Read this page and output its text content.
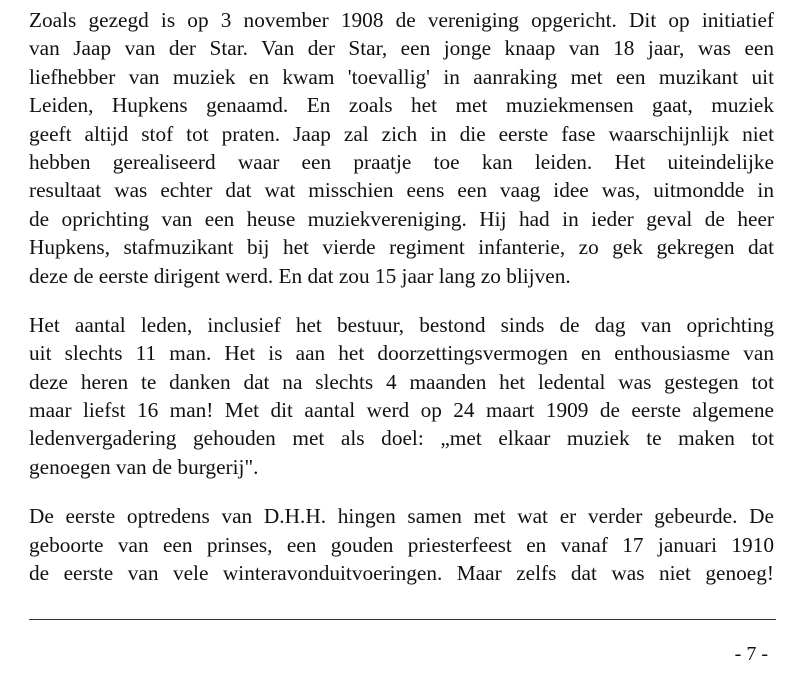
Zoals gezegd is op 3 november 1908 de vereniging opgericht. Dit op initiatief
van Jaap van der Star. Van der Star, een jonge knaap van 18 jaar, was een
liefhebber van muziek en kwam 'toevallig' in aanraking met een muzikant uit
Leiden, Hupkens genaamd. En zoals het met muziekmensen gaat, muziek
geeft altijd stof tot praten. Jaap zal zich in die eerste fase waarschijnlijk niet
hebben gerealiseerd waar een praatje toe kan leiden. Het uiteindelijke
resultaat was echter dat wat misschien eens een vaag idee was, uitmondde in
de oprichting van een heuse muziekvereniging. Hij had in ieder geval de heer
Hupkens, stafmuzikant bij het vierde regiment infanterie, zo gek gekregen dat
deze de eerste dirigent werd. En dat zou 15 jaar lang zo blijven.
Het aantal leden, inclusief het bestuur, bestond sinds de dag van oprichting
uit slechts 11 man. Het is aan het doorzettingsvermogen en enthousiasme van
deze heren te danken dat na slechts 4 maanden het ledental was gestegen tot
maar liefst 16 man! Met dit aantal werd op 24 maart 1909 de eerste algemene
ledenvergadering gehouden met als doel: „met elkaar muziek te maken tot
genoegen van de burgerij".
De eerste optredens van D.H.H. hingen samen met wat er verder gebeurde. De
geboorte van een prinses, een gouden priesterfeest en vanaf 17 januari 1910
de eerste van vele winteravonduitvoeringen. Maar zelfs dat was niet genoeg!
- 7 -
